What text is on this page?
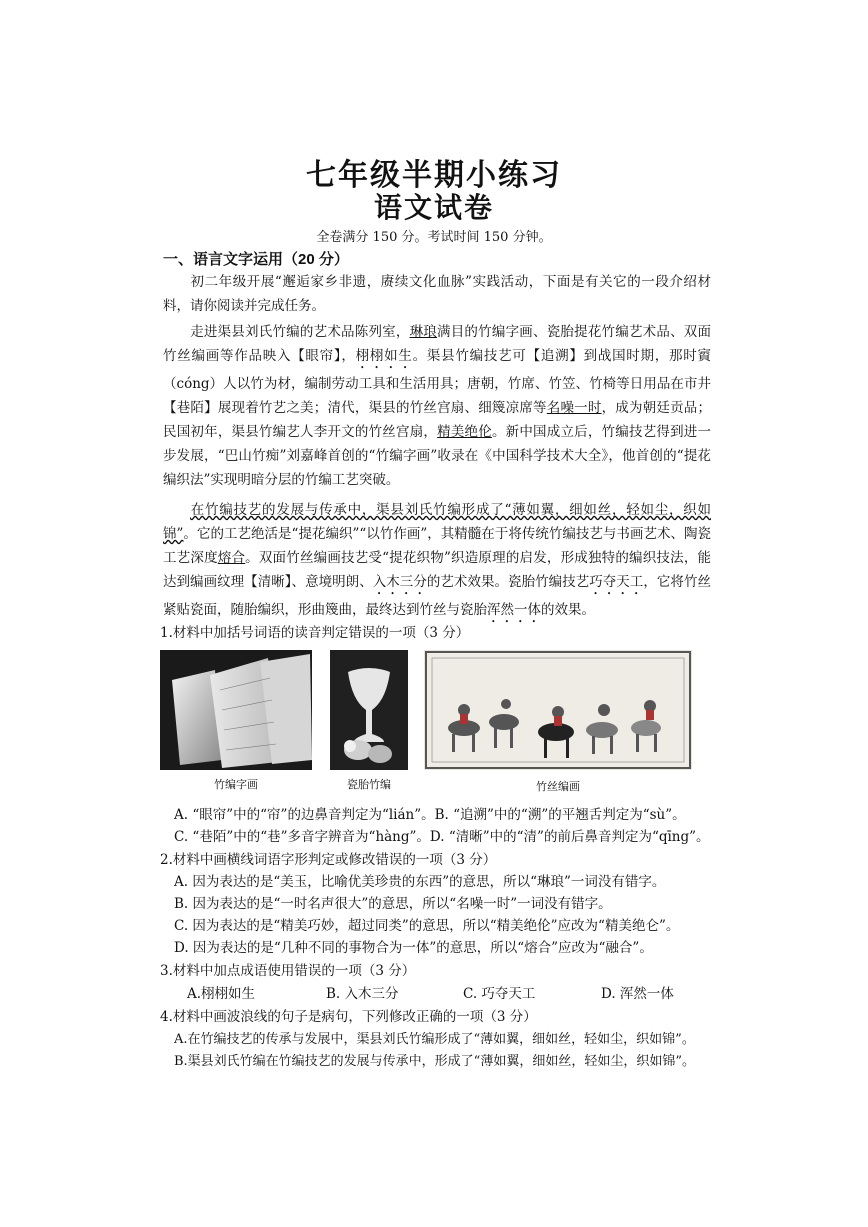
七年级半期小练习
语文试卷
全卷满分 150 分。考试时间 150 分钟。
一、语言文字运用（20 分）
初二年级开展“邂逅家乡非遗，赓续文化血脉”实践活动，下面是有关它的一段介绍材料，请你阅读并完成任务。
走进渠县刘氏竹编的艺术品陈列室，琳琅满目的竹编字画、瓷胎提花竹编艺术品、双面竹丝编画等作品映入【眼帘】，栩栩如生。渠县竹编技艺可【追溯】到战国时期，那时賨（cóng）人以竹为材，编制劳动工具和生活用具；唐朝，竹席、竹笠、竹椅等日用品在市井【巷陌】展现着竹艺之美；清代，渠县的竹丝宫扇、细篾凉席等名噪一时，成为朝廷贡品；民国初年，渠县竹编艺人李开文的竹丝宫扇，精美绝伦。新中国成立后，竹编技艺得到进一步发展，“巴山竹痴”刘嘉峰首创的“竹编字画”收录在《中国科学技术大全》，他首创的“提花编织法”实现明暗分层的竹编工艺突破。
在竹编技艺的发展与传承中，渠县刘氏竹编形成了“薄如翼，细如丝，轻如尘，织如锦”。它的工艺绝活是“提花编织”“以竹作画”，其精髓在于将传统竹编技艺与书画艺术、陶瓷工艺深度熔合。双面竹丝编画技艺受“提花织物”织造原理的启发，形成独特的编织技法，能达到编画纹理【清晰】、意境明朗、入木三分的艺术效果。瓷胎竹编技艺巧夺天工，它将竹丝紧贴瓷面，随胎编织，形曲篾曲，最终达到竹丝与瓷胎浑然一体的效果。
1.材料中加括号词语的读音判定错误的一项（3 分）
竹编字画	瓷胎竹编	竹丝编画
A. “眼帘”中的“帘”的边鼻音判定为“lián”。B. “追溯”中的“溯”的平翘舌判定为“sù”。
C. “巷陌”中的“巷”多音字辨音为“hàng”。D. “清晰”中的“清”的前后鼻音判定为“qīng”。
2.材料中画横线词语字形判定或修改错误的一项（3 分）
A. 因为表达的是“美玉，比喻优美珍贵的东西”的意思，所以“琳琅”一词没有错字。
B. 因为表达的是“一时名声很大”的意思，所以“名噪一时”一词没有错字。
C. 因为表达的是“精美巧妙，超过同类”的意思，所以“精美绝伦”应改为“精美绝仑”。
D. 因为表达的是“几种不同的事物合为一体”的意思，所以“熔合”应改为“融合”。
3.材料中加点成语使用错误的一项（3 分）
A.栩栩如生	B. 入木三分	C. 巧夺天工	D. 浑然一体
4.材料中画波浪线的句子是病句，下列修改正确的一项（3 分）
A.在竹编技艺的传承与发展中，渠县刘氏竹编形成了“薄如翼，细如丝，轻如尘，织如锦”。
B.渠县刘氏竹编在竹编技艺的发展与传承中，形成了“薄如翼，细如丝，轻如尘，织如锦”。
